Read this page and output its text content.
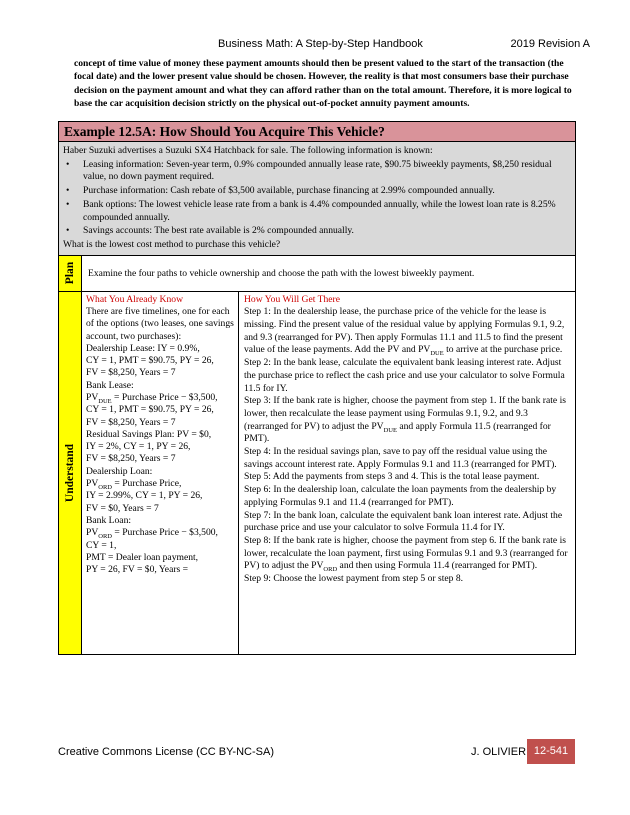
Business Math: A Step-by-Step Handbook	2019 Revision A

concept of time value of money these payment amounts should then be present valued to the start of the transaction (the focal date) and the lower present value should be chosen. However, the reality is that most consumers base their purchase decision on the payment amount and what they can afford rather than on the total amount. Therefore, it is more logical to base the car acquisition decision strictly on the physical out-of-pocket annuity payment amounts.

Example 12.5A: How Should You Acquire This Vehicle?

Haber Suzuki advertises a Suzuki SX4 Hatchback for sale. The following information is known:

• Leasing information: Seven-year term, 0.9% compounded annually lease rate, $90.75 biweekly payments, $8,250 residual value, no down payment required.
• Purchase information: Cash rebate of $3,500 available, purchase financing at 2.99% compounded annually.
• Bank options: The lowest vehicle lease rate from a bank is 4.4% compounded annually, while the lowest loan rate is 8.25% compounded annually.
• Savings accounts: The best rate available is 2% compounded annually.

What is the lowest cost method to purchase this vehicle?

Plan	Examine the four paths to vehicle ownership and choose the path with the lowest biweekly payment.
Understand

What You Already Know

There are five timelines, one for each of the options (two leases, one savings account, two purchases):

Dealership Lease: IY = 0.9%,

CY = 1, PMT = $90.75, PY = 26,

FV = $8,250, Years = 7

Bank Lease:

$PV_{DUE}$ = Purchase Price − $3,500,

CY = 1, PMT = $90.75, PY = 26,

FV = $8,250, Years = 7

Residual Savings Plan: PV = $0,

IY = 2%, CY = 1, PY = 26,

FV = $8,250, Years = 7

Dealership Loan:

$PV_{ORD}$ = Purchase Price,

IY = 2.99%, CY = 1, PY = 26,

FV = $0, Years = 7

Bank Loan:

$PV_{ORD}$ = Purchase Price − $3,500,

CY = 1,

PMT = Dealer loan payment,

PY = 26, FV = $0, Years =

How You Will Get There

Step 1: In the dealership lease, the purchase price of the vehicle for the lease is missing. Find the present value of the residual value by applying Formulas 9.1, 9.2, and 9.3 (rearranged for PV). Then apply Formulas 11.1 and 11.5 to find the present value of the lease payments. Add the PV and $PV_{DUE}$ to arrive at the purchase price.

Step 2: In the bank lease, calculate the equivalent bank leasing interest rate. Adjust the purchase price to reflect the cash price and use your calculator to solve Formula 11.5 for IY.

Step 3: If the bank rate is higher, choose the payment from step 1. If the bank rate is lower, then recalculate the lease payment using Formulas 9.1, 9.2, and 9.3 (rearranged for PV) to adjust the $PV_{DUE}$ and apply Formula 11.5 (rearranged for PMT).

Step 4: In the residual savings plan, save to pay off the residual value using the savings account interest rate. Apply Formulas 9.1 and 11.3 (rearranged for PMT).

Step 5: Add the payments from steps 3 and 4. This is the total lease payment.

Step 6: In the dealership loan, calculate the loan payments from the dealership by applying Formulas 9.1 and 11.4 (rearranged for PMT).

Step 7: In the bank loan, calculate the equivalent bank loan interest rate. Adjust the purchase price and use your calculator to solve Formula 11.4 for IY.

Step 8: If the bank rate is higher, choose the payment from step 6. If the bank rate is lower, recalculate the loan payment, first using Formulas 9.1 and 9.3 (rearranged for PV) to adjust the $PV_{ORD}$ and then using Formula 11.4 (rearranged for PMT).

Step 9: Choose the lowest payment from step 5 or step 8.

Creative Commons License (CC BY-NC-SA)	J. OLIVIER 12-541
